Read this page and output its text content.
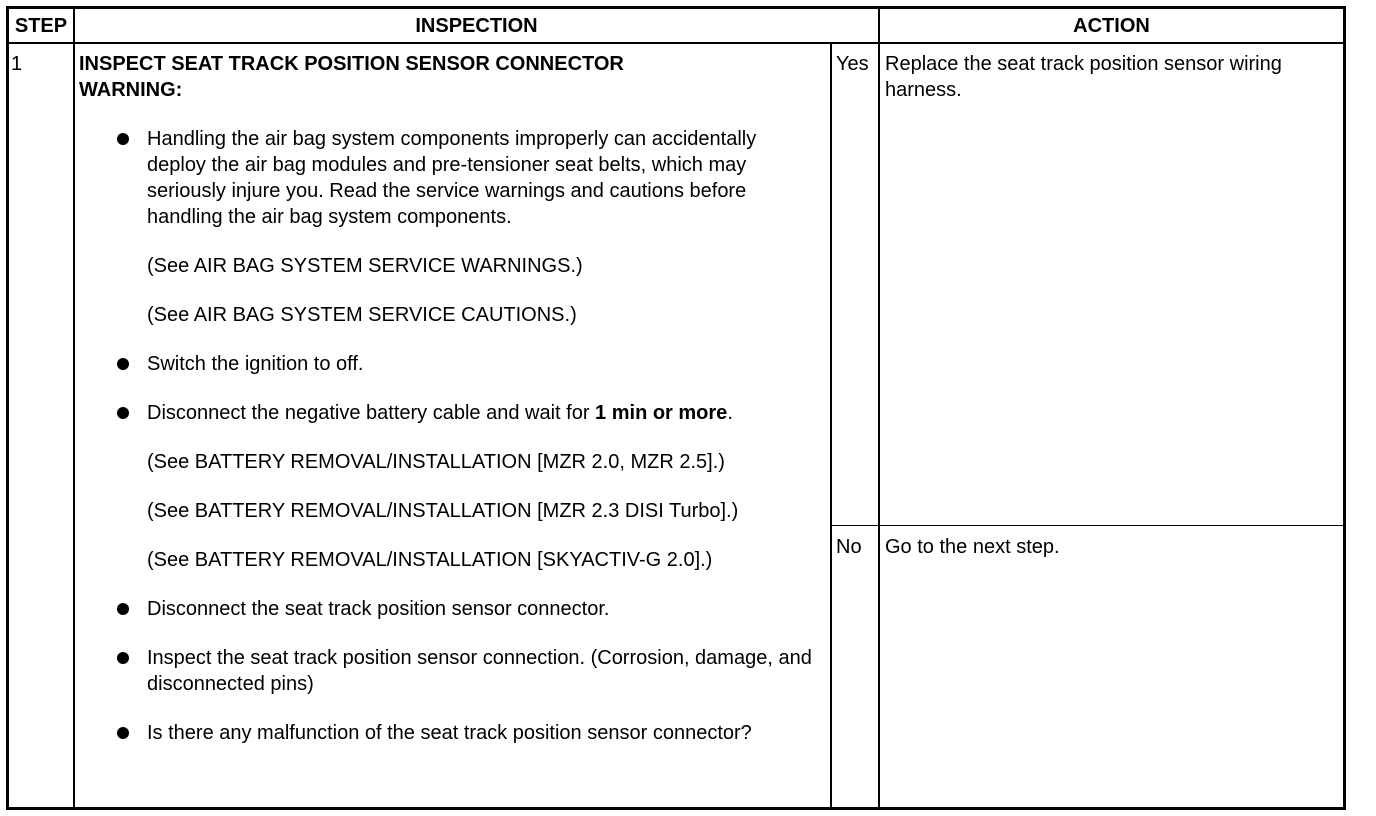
STEP	INSPECTION	ACTION
1	INSPECT SEAT TRACK POSITION SENSOR CONNECTOR
WARNING:
Handling the air bag system components improperly can accidentally deploy the air bag modules and pre-tensioner seat belts, which may seriously injure you. Read the service warnings and cautions before handling the air bag system components.
(See AIR BAG SYSTEM SERVICE WARNINGS.)
(See AIR BAG SYSTEM SERVICE CAUTIONS.)
Switch the ignition to off.
Disconnect the negative battery cable and wait for 1 min or more.
(See BATTERY REMOVAL/INSTALLATION [MZR 2.0, MZR 2.5].)
(See BATTERY REMOVAL/INSTALLATION [MZR 2.3 DISI Turbo].)
(See BATTERY REMOVAL/INSTALLATION [SKYACTIV-G 2.0].)
Disconnect the seat track position sensor connector.
Inspect the seat track position sensor connection. (Corrosion, damage, and disconnected pins)
Is there any malfunction of the seat track position sensor connector?
Yes Replace the seat track position sensor wiring harness.
No Go to the next step.
